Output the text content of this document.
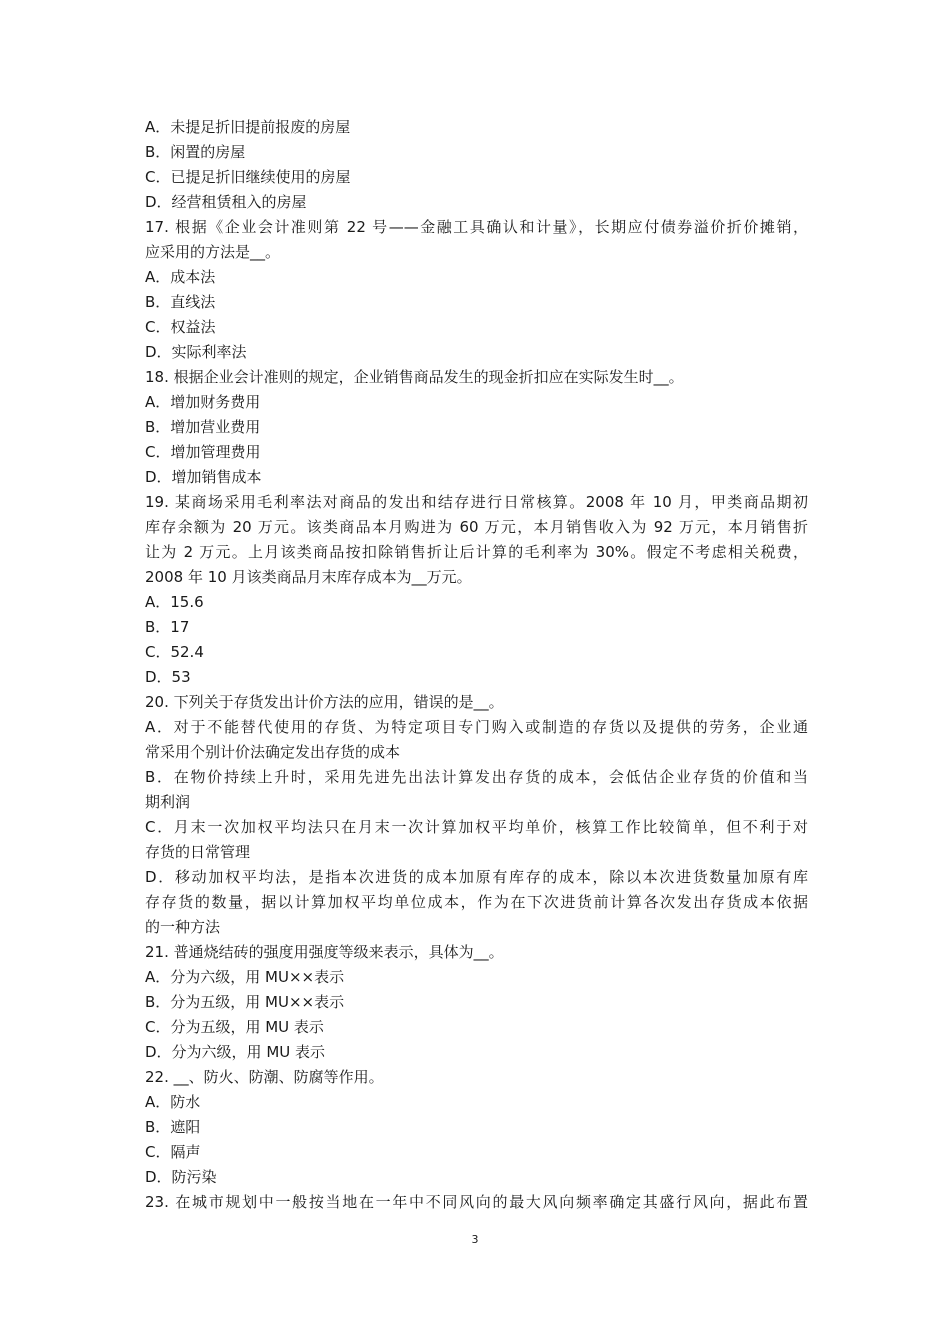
A．未提足折旧提前报废的房屋
B．闲置的房屋
C．已提足折旧继续使用的房屋
D．经营租赁租入的房屋
17. 根据《企业会计准则第 22 号——金融工具确认和计量》，长期应付债券溢价折价摊销，
应采用的方法是__。
A．成本法
B．直线法
C．权益法
D．实际利率法
18. 根据企业会计准则的规定，企业销售商品发生的现金折扣应在实际发生时__。
A．增加财务费用
B．增加营业费用
C．增加管理费用
D．增加销售成本
19. 某商场采用毛利率法对商品的发出和结存进行日常核算。2008 年 10 月，甲类商品期初
库存余额为 20 万元。该类商品本月购进为 60 万元，本月销售收入为 92 万元，本月销售折
让为 2 万元。上月该类商品按扣除销售折让后计算的毛利率为 30%。假定不考虑相关税费，
2008 年 10 月该类商品月末库存成本为__万元。
A．15.6
B．17
C．52.4
D．53
20. 下列关于存货发出计价方法的应用，错误的是__。
A．对于不能替代使用的存货、为特定项目专门购入或制造的存货以及提供的劳务，企业通
常采用个别计价法确定发出存货的成本
B．在物价持续上升时，采用先进先出法计算发出存货的成本，会低估企业存货的价值和当
期利润
C．月末一次加权平均法只在月末一次计算加权平均单价，核算工作比较简单，但不利于对
存货的日常管理
D．移动加权平均法，是指本次进货的成本加原有库存的成本，除以本次进货数量加原有库
存存货的数量，据以计算加权平均单位成本，作为在下次进货前计算各次发出存货成本依据
的一种方法
21. 普通烧结砖的强度用强度等级来表示，具体为__。
A．分为六级，用 MU××表示
B．分为五级，用 MU××表示
C．分为五级，用 MU 表示
D．分为六级，用 MU 表示
22. __、防火、防潮、防腐等作用。
A．防水
B．遮阳
C．隔声
D．防污染
23. 在城市规划中一般按当地在一年中不同风向的最大风向频率确定其盛行风向，据此布置
3
